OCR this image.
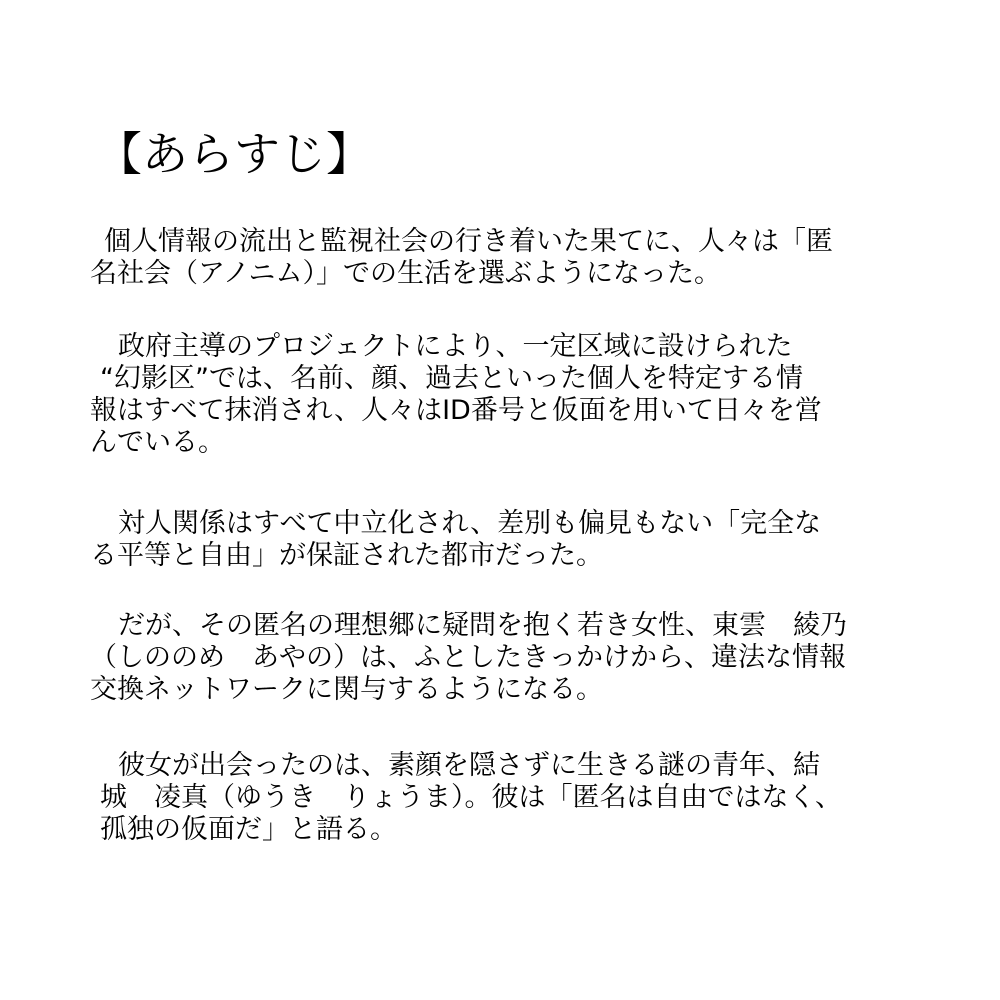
【あらすじ】
個人情報の流出と監視社会の行き着いた果てに、人々は「匿
名社会（アノニム）」での生活を選ぶようになった。
政府主導のプロジェクトにより、一定区域に設けられた
“幻影区”では、名前、顔、過去といった個人を特定する情
報はすべて抹消され、人々はID番号と仮面を用いて日々を営
んでいる。
対人関係はすべて中立化され、差別も偏見もない「完全な
る平等と自由」が保証された都市だった。
だが、その匿名の理想郷に疑問を抱く若き女性、東雲　綾乃
（しののめ　あやの）は、ふとしたきっかけから、違法な情報
交換ネットワークに関与するようになる。
彼女が出会ったのは、素顔を隠さずに生きる謎の青年、結
城　凌真（ゆうき　りょうま）。彼は「匿名は自由ではなく、
孤独の仮面だ」と語る。
